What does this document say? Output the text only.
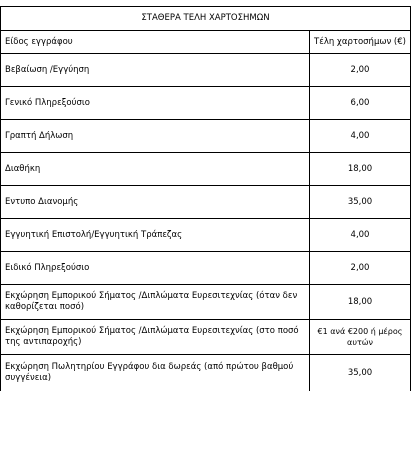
ΣΤΑΘΕΡΑ ΤΕΛΗ ΧΑΡΤΟΣΗΜΩΝ	
Είδος εγγράφου	Τέλη χαρτοσήμων (€)
Βεβαίωση /Εγγύηση	2,00
Γενικό Πληρεξούσιο	6,00
Γραπτή Δήλωση	4,00
Διαθήκη	18,00
Εντυπο Διανομής	35,00
Εγγυητική Επιστολή/Εγγυητική Τράπεζας	4,00
Ειδικό Πληρεξούσιο	2,00
Εκχώρηση Εμπορικού Σήματος /Διπλώματα Ευρεσιτεχνίας (όταν δεν καθορίζεται ποσό)	18,00
Εκχώρηση Εμπορικού Σήματος /Διπλώματα Ευρεσιτεχνίας (στο ποσό της αντιπαροχής)	€1 ανά €200 ή μέρος αυτών
Εκχώρηση Πωλητηρίου Εγγράφου δια δωρεάς (από πρώτου βαθμού συγγένεια)	35,00
